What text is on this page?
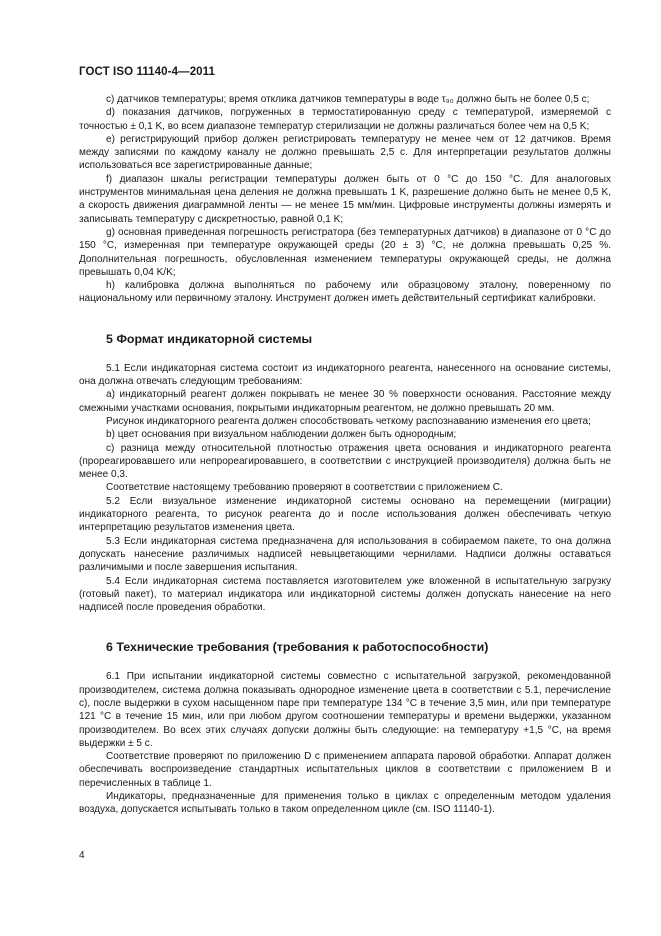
ГОСТ ISO 11140-4—2011

с) датчиков температуры; время отклика датчиков температуры в воде τ₉₀ должно быть не более 0,5 с;

d) показания датчиков, погруженных в термостатированную среду с температурой, измеряемой с точностью ± 0,1 K, во всем диапазоне температур стерилизации не должны различаться более чем на 0,5 K;

е) регистрирующий прибор должен регистрировать температуру не менее чем от 12 датчиков. Время между записями по каждому каналу не должно превышать 2,5 с. Для интерпретации результатов должны использоваться все зарегистрированные данные;

f) диапазон шкалы регистрации температуры должен быть от 0 °С до 150 °С. Для аналоговых инструментов минимальная цена деления не должна превышать 1 K, разрешение должно быть не менее 0,5 K, а скорость движения диаграммной ленты — не менее 15 мм/мин. Цифровые инструменты должны измерять и записывать температуру с дискретностью, равной 0,1 K;

g) основная приведенная погрешность регистратора (без температурных датчиков) в диапазоне от 0 °С до 150 °С, измеренная при температуре окружающей среды (20 ± 3) °С, не должна превышать 0,25 %. Дополнительная погрешность, обусловленная изменением температуры окружающей среды, не должна превышать 0,04 K/K;

h) калибровка должна выполняться по рабочему или образцовому эталону, поверенному по национальному или первичному эталону. Инструмент должен иметь действительный сертификат калибровки.

5 Формат индикаторной системы

5.1 Если индикаторная система состоит из индикаторного реагента, нанесенного на основание системы, она должна отвечать следующим требованиям:

а) индикаторный реагент должен покрывать не менее 30 % поверхности основания. Расстояние между смежными участками основания, покрытыми индикаторным реагентом, не должно превышать 20 мм.

Рисунок индикаторного реагента должен способствовать четкому распознаванию изменения его цвета;

b) цвет основания при визуальном наблюдении должен быть однородным;

с) разница между относительной плотностью отражения цвета основания и индикаторного реагента (прореагировавшего или непрореагировавшего, в соответствии с инструкцией производителя) должна быть не менее 0,3.

Соответствие настоящему требованию проверяют в соответствии с приложением С.

5.2 Если визуальное изменение индикаторной системы основано на перемещении (миграции) индикаторного реагента, то рисунок реагента до и после использования должен обеспечивать четкую интерпретацию результатов изменения цвета.

5.3 Если индикаторная система предназначена для использования в собираемом пакете, то она должна допускать нанесение различимых надписей невыцветающими чернилами. Надписи должны оставаться различимыми и после завершения испытания.

5.4 Если индикаторная система поставляется изготовителем уже вложенной в испытательную загрузку (готовый пакет), то материал индикатора или индикаторной системы должен допускать нанесение на него надписей после проведения обработки.

6 Технические требования (требования к работоспособности)

6.1 При испытании индикаторной системы совместно с испытательной загрузкой, рекомендованной производителем, система должна показывать однородное изменение цвета в соответствии с 5.1, перечисление с), после выдержки в сухом насыщенном паре при температуре 134 °С в течение 3,5 мин, или при температуре 121 °С в течение 15 мин, или при любом другом соотношении температуры и времени выдержки, указанном производителем. Во всех этих случаях допуски должны быть следующие: на температуру +1,5 °С, на время выдержки ± 5 с.

Соответствие проверяют по приложению D с применением аппарата паровой обработки. Аппарат должен обеспечивать воспроизведение стандартных испытательных циклов в соответствии с приложением В и перечисленных в таблице 1.

Индикаторы, предназначенные для применения только в циклах с определенным методом удаления воздуха, допускается испытывать только в таком определенном цикле (см. ISO 11140-1).

4
